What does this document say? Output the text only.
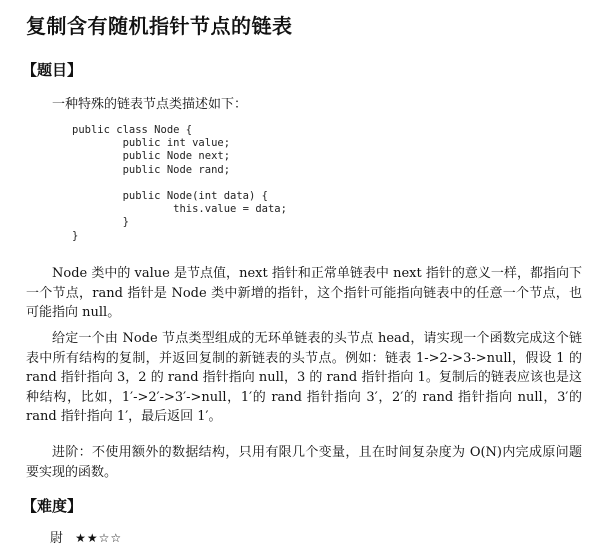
复制含有随机指针节点的链表
【题目】

一种特殊的链表节点类描述如下：

public class Node {
public int value;
public Node next;
public Node rand;
public Node(int data) {
this.value = data;
}
}

Node 类中的 value 是节点值，next 指针和正常单链表中 next 指针的意义一样，都指向下一个节点，rand 指针是 Node 类中新增的指针，这个指针可能指向链表中的任意一个节点，也可能指向 null。

给定一个由 Node 节点类型组成的无环单链表的头节点 head，请实现一个函数完成这个链表中所有结构的复制，并返回复制的新链表的头节点。例如：链表 1->2->3->null，假设 1 的 rand 指针指向 3，2 的 rand 指针指向 null，3 的 rand 指针指向 1。复制后的链表应该也是这种结构，比如，1′->2′->3′->null，1′的 rand 指针指向 3′，2′的 rand 指针指向 null，3′的 rand 指针指向 1′，最后返回 1′。

进阶：不使用额外的数据结构，只用有限几个变量，且在时间复杂度为 O(N)内完成原问题要实现的函数。

【难度】
尉 ★★☆☆
